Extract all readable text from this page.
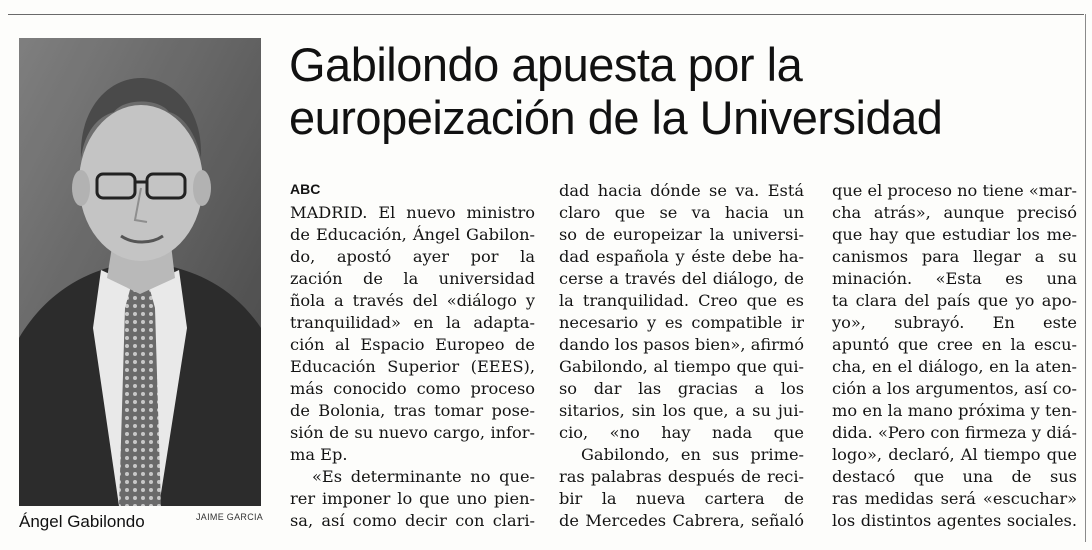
Ángel Gabilondo	JAIME GARCIA
Gabilondo apuesta por la
europeización de la Universidad
ABC
MADRID. El nuevo ministro
de Educación, Ángel Gabilon-
do, apostó ayer por la
zación de la universidad
ñola a través del «diálogo y
tranquilidad» en la adapta-
ción al Espacio Europeo de
Educación Superior (EEES),
más conocido como proceso
de Bolonia, tras tomar pose-
sión de su nuevo cargo, infor-
ma Ep.
«Es determinante no que-
rer imponer lo que uno pien-
sa, así como decir con clari-
dad hacia dónde se va. Está
claro que se va hacia un
so de europeizar la universi-
dad española y éste debe ha-
cerse a través del diálogo, de
la tranquilidad. Creo que es
necesario y es compatible ir
dando los pasos bien», afirmó
Gabilondo, al tiempo que qui-
so dar las gracias a los
sitarios, sin los que, a su jui-
cio, «no hay nada que
Gabilondo, en sus prime-
ras palabras después de reci-
bir la nueva cartera de
de Mercedes Cabrera, señaló
que el proceso no tiene «mar-
cha atrás», aunque precisó
que hay que estudiar los me-
canismos para llegar a su
minación. «Esta es una
ta clara del país que yo apo-
yo», subrayó. En este
apuntó que cree en la escu-
cha, en el diálogo, en la aten-
ción a los argumentos, así co-
mo en la mano próxima y ten-
dida. «Pero con firmeza y diá-
logo», declaró, Al tiempo que
destacó que una de sus
ras medidas será «escuchar»
los distintos agentes sociales.
